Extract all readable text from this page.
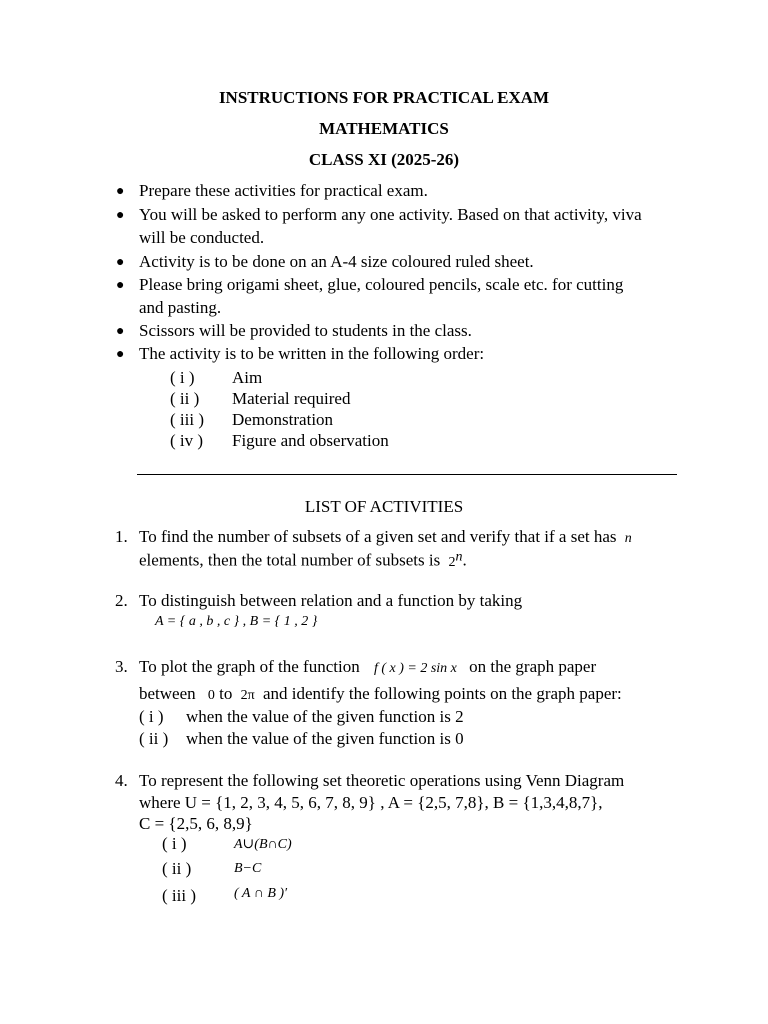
INSTRUCTIONS FOR PRACTICAL EXAM
MATHEMATICS
CLASS XI (2025-26)
● Prepare these activities for practical exam.
● You will be asked to perform any one activity. Based on that activity, viva
will be conducted.
● Activity is to be done on an A-4 size coloured ruled sheet.
● Please bring origami sheet, glue, coloured pencils, scale etc. for cutting
and pasting.
● Scissors will be provided to students in the class.
● The activity is to be written in the following order:
( i ) Aim
( ii ) Material required
( iii ) Demonstration
( iv ) Figure and observation
LIST OF ACTIVITIES
1. To find the number of subsets of a given set and verify that if a set has n
elements, then the total number of subsets is 2$^n$.
2. To distinguish between relation and a function by taking
A = { a , b , c } , B = { 1 , 2 }
3. To plot the graph of the function f ( x ) = 2 sin x on the graph paper
between 0 to 2π and identify the following points on the graph paper:
( i ) when the value of the given function is 2
( ii ) when the value of the given function is 0
4. To represent the following set theoretic operations using Venn Diagram
where U = {1, 2, 3, 4, 5, 6, 7, 8, 9} , A = {2,5, 7,8}, B = {1,3,4,8,7},
C = {2,5, 6, 8,9}
( i )	A∪(B∩C)
( ii )	B−C
( iii )	( A ∩ B )′
